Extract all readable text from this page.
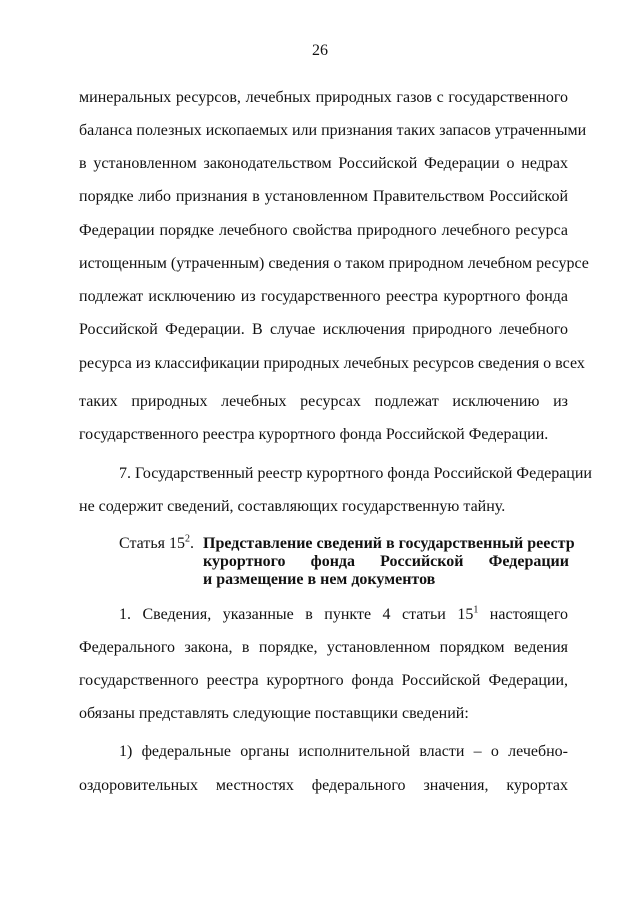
26
минеральных ресурсов, лечебных природных газов с государственного
баланса полезных ископаемых или признания таких запасов утраченными
в установленном законодательством Российской Федерации о недрах
порядке либо признания в установленном Правительством Российской
Федерации порядке лечебного свойства природного лечебного ресурса
истощенным (утраченным) сведения о таком природном лечебном ресурсе
подлежат исключению из государственного реестра курортного фонда
Российской Федерации. В случае исключения природного лечебного
ресурса из классификации природных лечебных ресурсов сведения о всех
таких природных лечебных ресурсах подлежат исключению из
государственного реестра курортного фонда Российской Федерации.
7. Государственный реестр курортного фонда Российской Федерации
не содержит сведений, составляющих государственную тайну.
Статья $15^2$. Представление сведений в государственный реестр
курортного фонда Российской Федерации
и размещение в нем документов
1. Сведения, указанные в пункте 4 статьи $15^1$ настоящего
Федерального закона, в порядке, установленном порядком ведения
государственного реестра курортного фонда Российской Федерации,
обязаны представлять следующие поставщики сведений:
1) федеральные органы исполнительной власти – о лечебно-
оздоровительных местностях федерального значения, курортах
